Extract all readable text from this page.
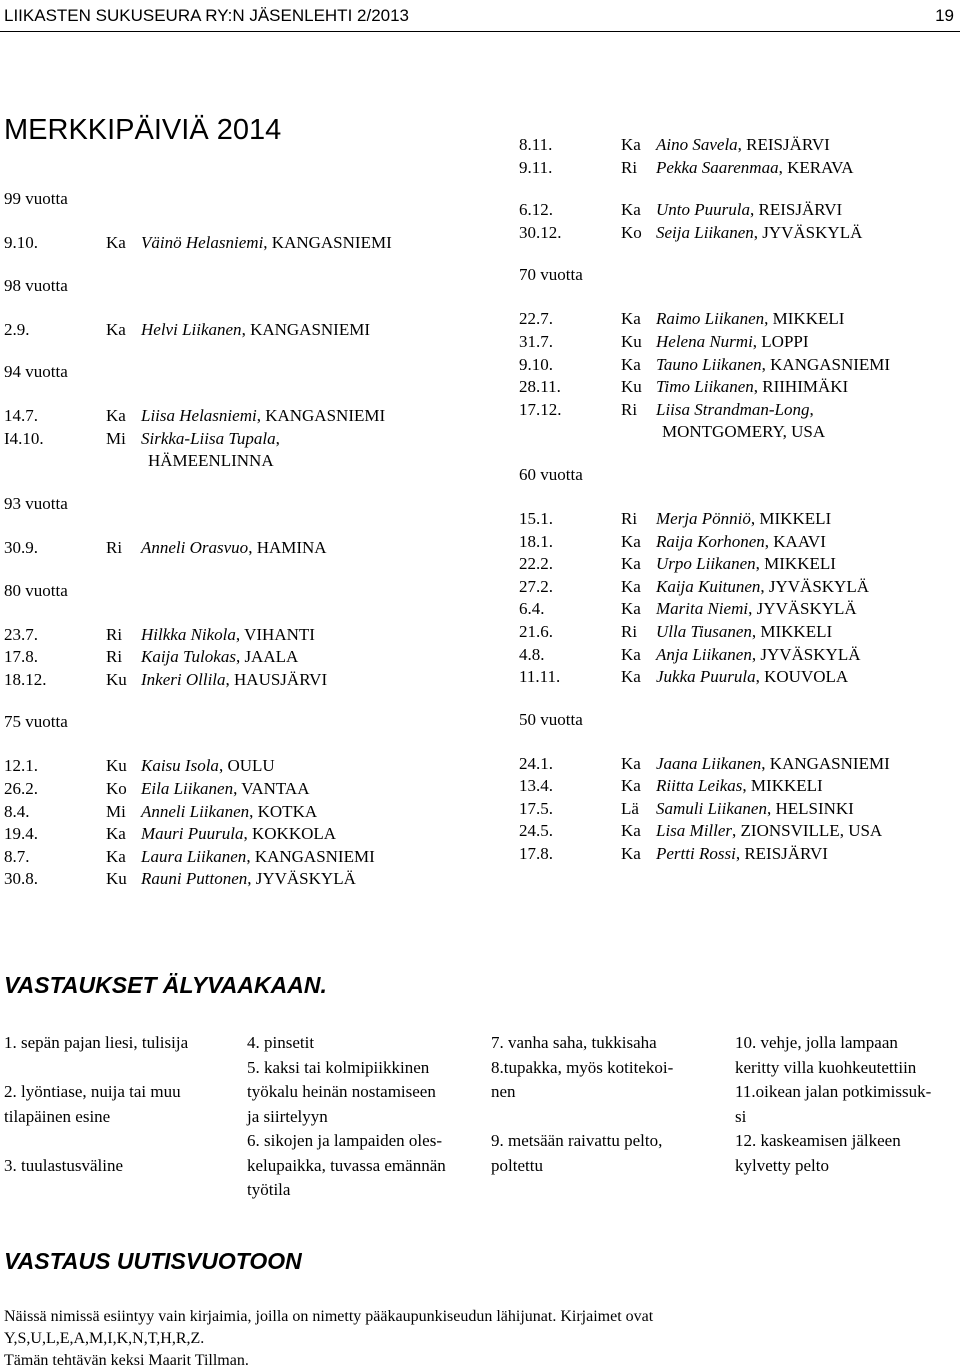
LIIKASTEN SUKUSEURA RY:N JÄSENLEHTI 2/2013	19
MERKKIPÄIVIÄ 2014
99 vuotta
9.10.	Ka Väinö Helasniemi, KANGASNIEMI
98 vuotta
2.9.	Ka Helvi Liikanen, KANGASNIEMI
94 vuotta
14.7.	Ka Liisa Helasniemi, KANGASNIEMI
I4.10.	Mi Sirkka-Liisa Tupala,
HÄMEENLINNA
93 vuotta
30.9.	Ri Anneli Orasvuo, HAMINA
80 vuotta
23.7.	Ri Hilkka Nikola, VIHANTI
17.8.	Ri Kaija Tulokas, JAALA
18.12.	Ku Inkeri Ollila, HAUSJÄRVI
75 vuotta
12.1.	Ku Kaisu Isola, OULU
26.2.	Ko Eila Liikanen, VANTAA
8.4.	Mi Anneli Liikanen, KOTKA
19.4.	Ka Mauri Puurula, KOKKOLA
8.7.	Ka Laura Liikanen, KANGASNIEMI
30.8.	Ku Rauni Puttonen, JYVÄSKYLÄ
8.11.	Ka Aino Savela, REISJÄRVI
9.11.	Ri Pekka Saarenmaa, KERAVA
6.12.	Ka Unto Puurula, REISJÄRVI
30.12.	Ko Seija Liikanen, JYVÄSKYLÄ
70 vuotta
22.7.	Ka Raimo Liikanen, MIKKELI
31.7.	Ku Helena Nurmi, LOPPI
9.10.	Ka Tauno Liikanen, KANGASNIEMI
28.11.	Ku Timo Liikanen, RIIHIMÄKI
17.12.	Ri Liisa Strandman-Long,
MONTGOMERY, USA
60 vuotta
15.1.	Ri Merja Pönniö, MIKKELI
18.1.	Ka Raija Korhonen, KAAVI
22.2.	Ka Urpo Liikanen, MIKKELI
27.2.	Ka Kaija Kuitunen, JYVÄSKYLÄ
6.4.	Ka Marita Niemi, JYVÄSKYLÄ
21.6.	Ri Ulla Tiusanen, MIKKELI
4.8.	Ka Anja Liikanen, JYVÄSKYLÄ
11.11.	Ka Jukka Puurula, KOUVOLA
50 vuotta
24.1.	Ka Jaana Liikanen, KANGASNIEMI
13.4.	Ka Riitta Leikas, MIKKELI
17.5.	Lä Samuli Liikanen, HELSINKI
24.5.	Ka Lisa Miller, ZIONSVILLE, USA
17.8.	Ka Pertti Rossi, REISJÄRVI
VASTAUKSET ÄLYVAAKAAN.
1. sepän pajan liesi, tulisija

2. lyöntiase, nuija tai muu
tilapäinen esine

3. tuulastusväline
4. pinsetit
5. kaksi tai kolmipiikkinen
työkalu heinän nostamiseen
ja siirtelyyn
6. sikojen ja lampaiden oles-
kelupaikka, tuvassa emännän
työtila
7. vanha saha, tukkisaha
8.tupakka, myös kotitekoi-
nen

9. metsään raivattu pelto,
poltettu
10. vehje, jolla lampaan
keritty villa kuohkeutettiin
11.oikean jalan potkimissuk-
si
12. kaskeamisen jälkeen
kylvetty pelto
VASTAUS UUTISVUOTOON
Näissä nimissä esiintyy vain kirjaimia, joilla on nimetty pääkaupunkiseudun lähijunat. Kirjaimet ovat
Y,S,U,L,E,A,M,I,K,N,T,H,R,Z.
Tämän tehtävän keksi Maarit Tillman.
